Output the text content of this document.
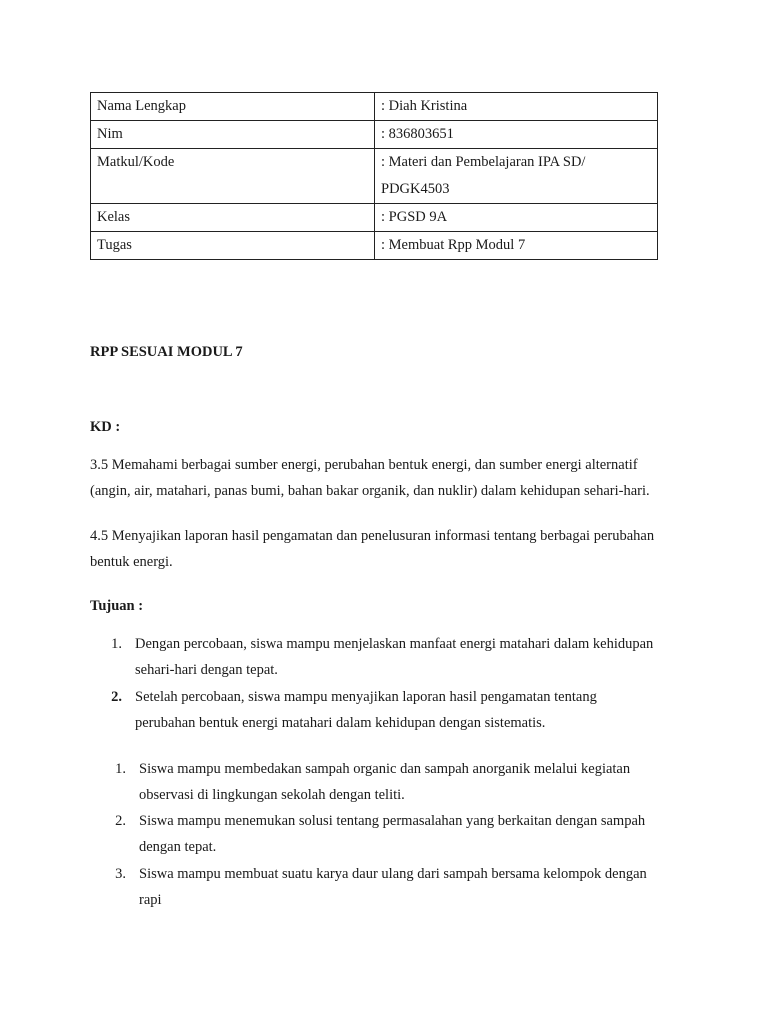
Nama Lengkap	: Diah Kristina
Nim	: 836803651
Matkul/Kode	: Materi dan Pembelajaran IPA SD/
PDGK4503

Kelas	: PGSD 9A
Tugas	: Membuat Rpp Modul 7
RPP SESUAI MODUL 7
KD :
3.5 Memahami berbagai sumber energi, perubahan bentuk energi, dan sumber energi alternatif
(angin, air, matahari, panas bumi, bahan bakar organik, dan nuklir) dalam kehidupan sehari-hari.
4.5 Menyajikan laporan hasil pengamatan dan penelusuran informasi tentang berbagai perubahan
bentuk energi.
Tujuan :
1. Dengan percobaan, siswa mampu menjelaskan manfaat energi matahari dalam kehidupan
sehari-hari dengan tepat.
2. Setelah percobaan, siswa mampu menyajikan laporan hasil pengamatan tentang
perubahan bentuk energi matahari dalam kehidupan dengan sistematis.
1. Siswa mampu membedakan sampah organic dan sampah anorganik melalui kegiatan
observasi di lingkungan sekolah dengan teliti.
2. Siswa mampu menemukan solusi tentang permasalahan yang berkaitan dengan sampah
dengan tepat.
3. Siswa mampu membuat suatu karya daur ulang dari sampah bersama kelompok dengan
rapi
